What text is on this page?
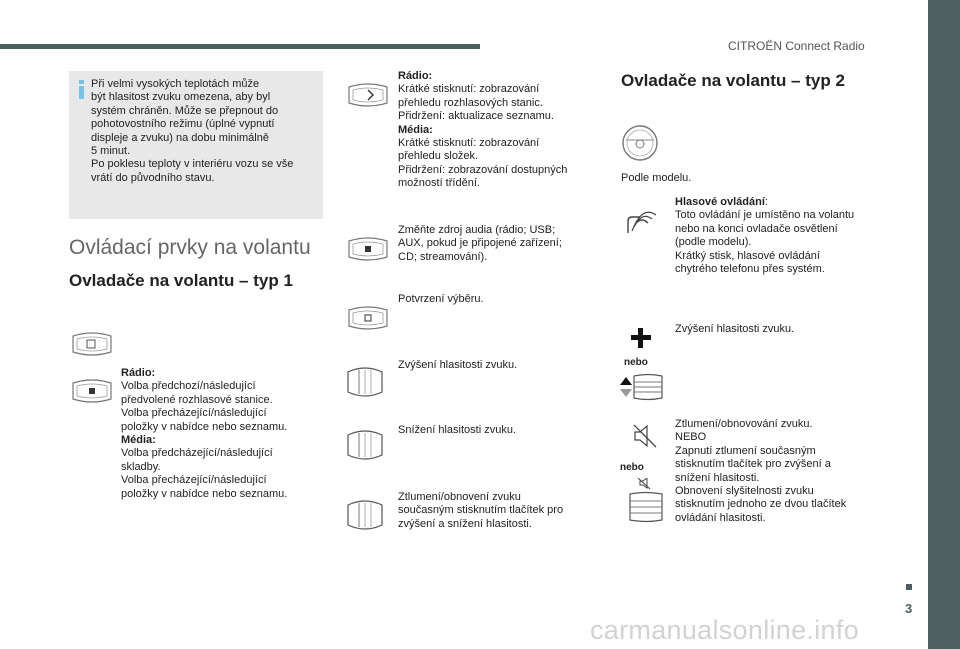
CITROËN Connect Radio
Při velmi vysokých teplotách může
být hlasitost zvuku omezena, aby byl
systém chráněn. Může se přepnout do
pohotovostního režimu (úplné vypnutí
displeje a zvuku) na dobu minimálně
5 minut.
Po poklesu teploty v interiéru vozu se vše
vrátí do původního stavu.
Ovládací prvky na volantu
Ovladače na volantu – typ 1
Rádio:
Volba předchozí/následující
předvolené rozhlasové stanice.
Volba přecházející/následující
položky v nabídce nebo seznamu.
Média:
Volba předcházející/následující
skladby.
Volba přecházející/následující
položky v nabídce nebo seznamu.
Rádio:
Krátké stisknutí: zobrazování
přehledu rozhlasových stanic.
Přidržení: aktualizace seznamu.
Média:
Krátké stisknutí: zobrazování
přehledu složek.
Přidržení: zobrazování dostupných
možností třídění.
Změňte zdroj audia (rádio; USB;
AUX, pokud je připojené zařízení;
CD; streamování).
Potvrzení výběru.
Zvýšení hlasitosti zvuku.
Snížení hlasitosti zvuku.
Ztlumení/obnovení zvuku
současným stisknutím tlačítek pro
zvýšení a snížení hlasitosti.
Ovladače na volantu – typ 2
Podle modelu.
Hlasové ovládání:
Toto ovládání je umístěno na volantu
nebo na konci ovladače osvětlení
(podle modelu).
Krátký stisk, hlasové ovládání
chytrého telefonu přes systém.
Zvýšení hlasitosti zvuku.
nebo
nebo
Ztlumení/obnovování zvuku.
NEBO
Zapnutí ztlumení současným
stisknutím tlačítek pro zvýšení a
snížení hlasitosti.
Obnovení slyšitelnosti zvuku
stisknutím jednoho ze dvou tlačítek
ovládání hlasitosti.
3
carmanualsonline.info
